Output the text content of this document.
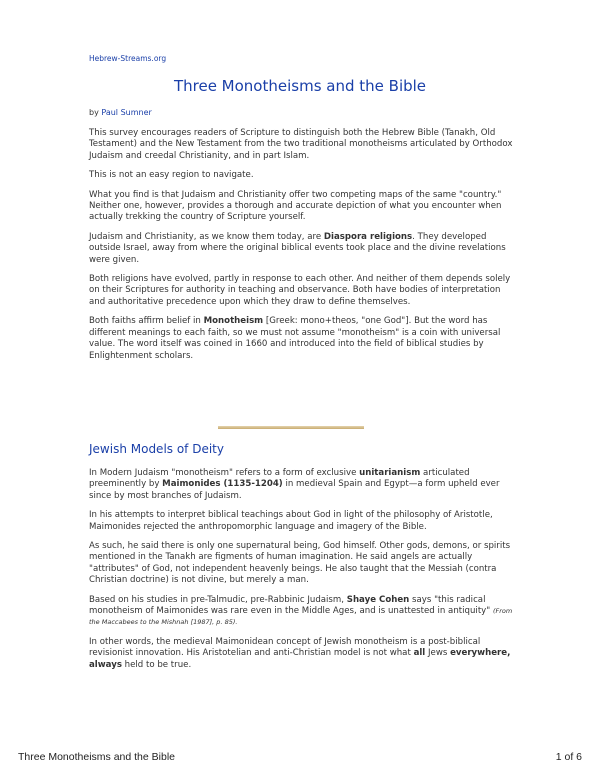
Hebrew-Streams.org
Three Monotheisms and the Bible
by Paul Sumner

This survey encourages readers of Scripture to distinguish both the Hebrew Bible (Tanakh, Old Testament) and the New Testament from the two traditional monotheisms articulated by Orthodox Judaism and creedal Christianity, and in part Islam.

This is not an easy region to navigate.

What you find is that Judaism and Christianity offer two competing maps of the same "country." Neither one, however, provides a thorough and accurate depiction of what you encounter when actually trekking the country of Scripture yourself.

Judaism and Christianity, as we know them today, are Diaspora religions. They developed outside Israel, away from where the original biblical events took place and the divine revelations were given.

Both religions have evolved, partly in response to each other. And neither of them depends solely on their Scriptures for authority in teaching and observance. Both have bodies of interpretation and authoritative precedence upon which they draw to define themselves.

Both faiths affirm belief in Monotheism [Greek: mono+theos, "one God"]. But the word has different meanings to each faith, so we must not assume "monotheism" is a coin with universal value. The word itself was coined in 1660 and introduced into the field of biblical studies by Enlightenment scholars.

Jewish Models of Deity

In Modern Judaism "monotheism" refers to a form of exclusive unitarianism articulated preeminently by Maimonides (1135-1204) in medieval Spain and Egypt—a form upheld ever since by most branches of Judaism.

In his attempts to interpret biblical teachings about God in light of the philosophy of Aristotle, Maimonides rejected the anthropomorphic language and imagery of the Bible.

As such, he said there is only one supernatural being, God himself. Other gods, demons, or spirits mentioned in the Tanakh are figments of human imagination. He said angels are actually "attributes" of God, not independent heavenly beings. He also taught that the Messiah (contra Christian doctrine) is not divine, but merely a man.

Based on his studies in pre-Talmudic, pre-Rabbinic Judaism, Shaye Cohen says "this radical monotheism of Maimonides was rare even in the Middle Ages, and is unattested in antiquity" (From the Maccabees to the Mishnah [1987], p. 85).

In other words, the medieval Maimonidean concept of Jewish monotheism is a post-biblical revisionist innovation. His Aristotelian and anti-Christian model is not what all Jews everywhere, always held to be true.

Three Monotheisms and the Bible	1 of 6
